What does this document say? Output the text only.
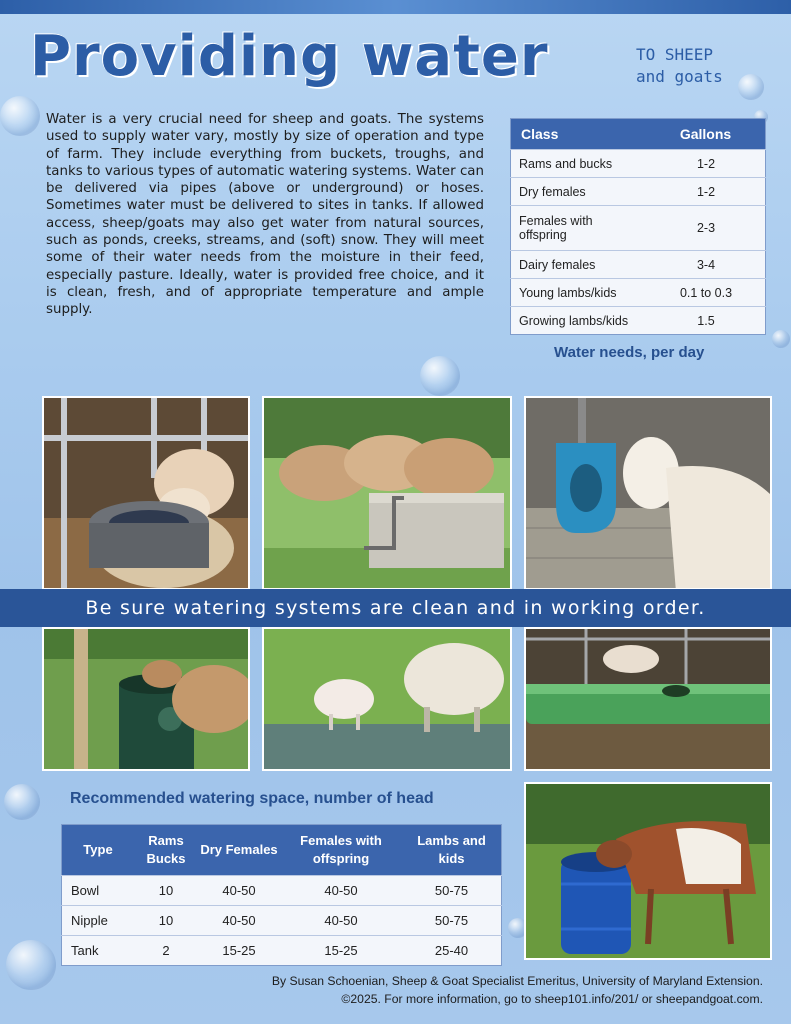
Providing water	TO SHEEP
and goats
Water is a very crucial need for sheep and goats. The systems used to supply water vary, mostly by size of operation and type of farm. They include everything from buckets, troughs, and tanks to various types of automatic watering systems. Water can be delivered via pipes (above or underground) or hoses. Sometimes water must be delivered to sites in tanks. If allowed access, sheep/goats may also get water from natural sources, such as ponds, creeks, streams, and (soft) snow. They will meet some of their water needs from the moisture in their feed, especially pasture. Ideally, water is provided free choice, and it is clean, fresh, and of appropriate temperature and ample supply.
Class	Gallons
Rams and bucks	1-2
Dry females	1-2
Females with offspring	2-3
Dairy females	3-4
Young lambs/kids	0.1 to 0.3
Growing lambs/kids	1.5
Water needs, per day
Be sure watering systems are clean and in working order.
Recommended watering space, number of head
Type	Rams Bucks	Dry Females	Females with offspring	Lambs and kids
Bowl	10	40-50	40-50	50-75
Nipple	10	40-50	40-50	50-75
Tank	2	15-25	15-25	25-40
By Susan Schoenian, Sheep & Goat Specialist Emeritus, University of Maryland Extension.
©2025. For more information, go to sheep101.info/201/ or sheepandgoat.com.
